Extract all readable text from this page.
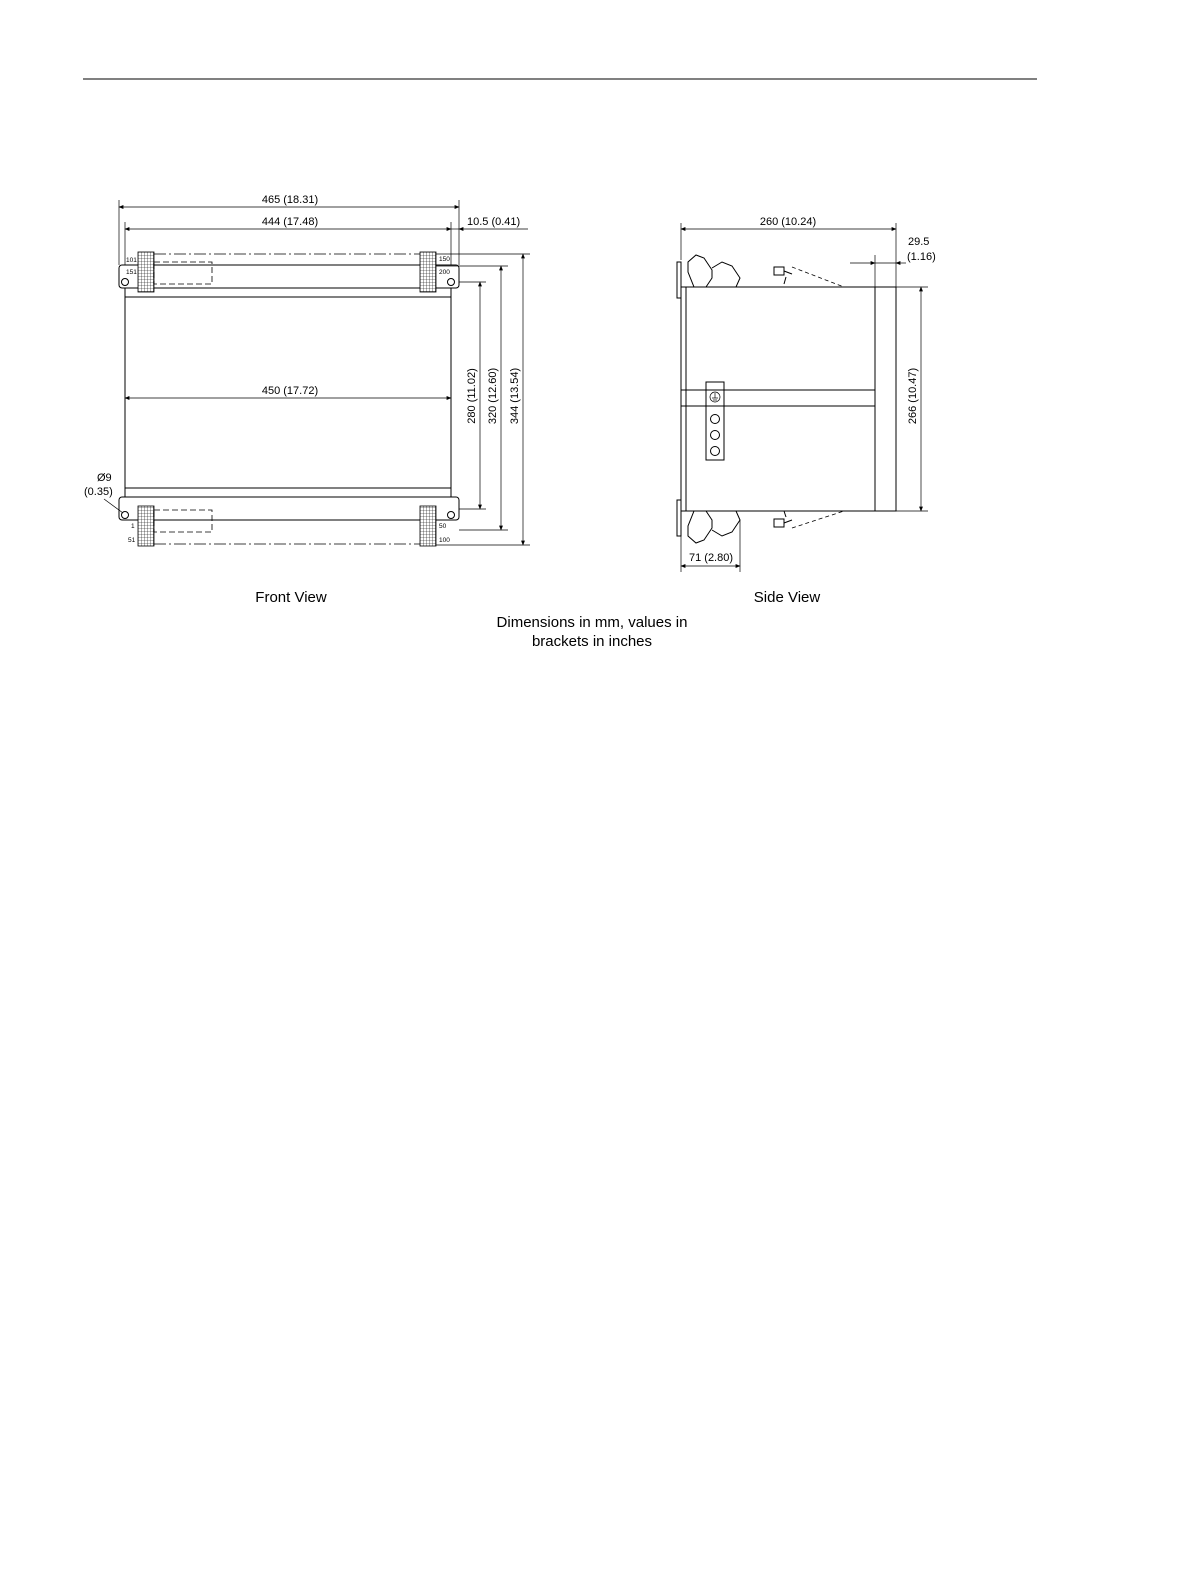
101
151
150
200
1
51
50
100
465 (18.31)
444 (17.48)	10.5 (0.41)
450 (17.72)	280 (11.02) 320 (12.60) 344 (13.54)
Ø9
(0.35)
Front View
260 (10.24)
29.5
(1.16)
266 (10.47)
71 (2.80)
Side View
Dimensions in mm, values in
brackets in inches
